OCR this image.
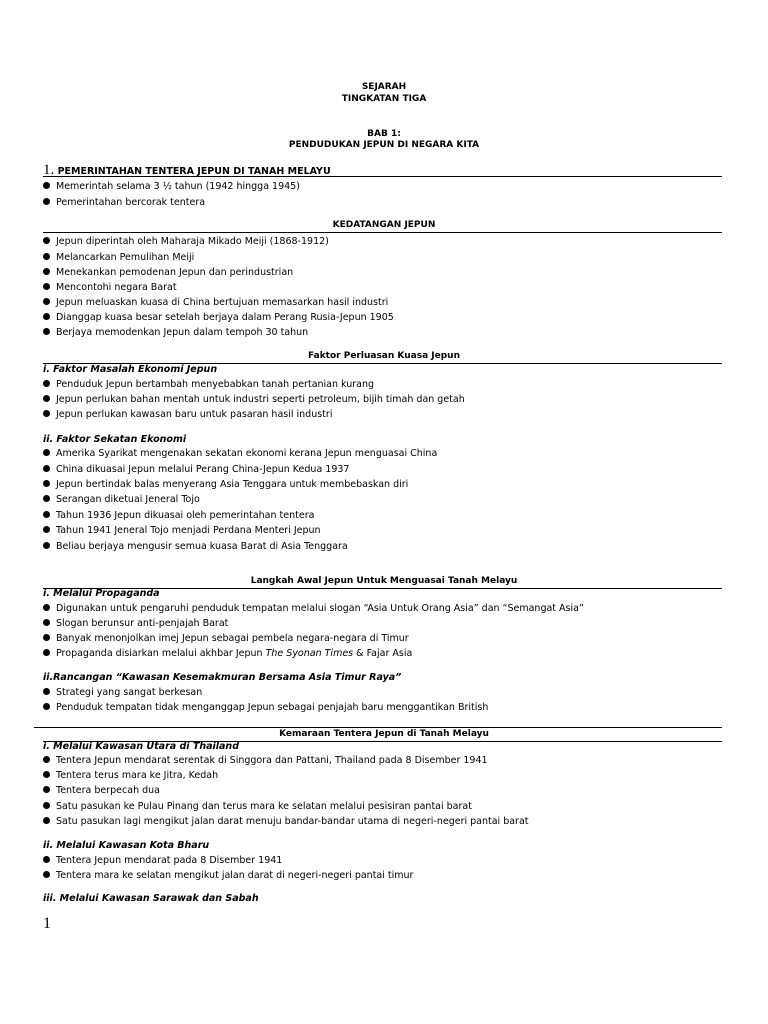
SEJARAH
TINGKATAN TIGA
BAB 1:
PENDUDUKAN JEPUN DI NEGARA KITA
1. PEMERINTAHAN TENTERA JEPUN DI TANAH MELAYU
Memerintah selama 3 ½ tahun (1942 hingga 1945)
Pemerintahan bercorak tentera
KEDATANGAN JEPUN
Jepun diperintah oleh Maharaja Mikado Meiji (1868-1912)
Melancarkan Pemulihan Meiji
Menekankan pemodenan Jepun dan perindustrian
Mencontohi negara Barat
Jepun meluaskan kuasa di China bertujuan memasarkan hasil industri
Dianggap kuasa besar setelah berjaya dalam Perang Rusia-Jepun 1905
Berjaya memodenkan Jepun dalam tempoh 30 tahun
Faktor Perluasan Kuasa Jepun
i. Faktor Masalah Ekonomi Jepun
Penduduk Jepun bertambah menyebabkan tanah pertanian kurang
Jepun perlukan bahan mentah untuk industri seperti petroleum, bijih timah dan getah
Jepun perlukan kawasan baru untuk pasaran hasil industri
ii. Faktor Sekatan Ekonomi
Amerika Syarikat mengenakan sekatan ekonomi kerana Jepun menguasai China
China dikuasai Jepun melalui Perang China-Jepun Kedua 1937
Jepun bertindak balas menyerang Asia Tenggara untuk membebaskan diri
Serangan diketuai Jeneral Tojo
Tahun 1936 Jepun dikuasai oleh pemerintahan tentera
Tahun 1941 Jeneral Tojo menjadi Perdana Menteri Jepun
Beliau berjaya mengusir semua kuasa Barat di Asia Tenggara
Langkah Awal Jepun Untuk Menguasai Tanah Melayu
i. Melalui Propaganda
Digunakan untuk pengaruhi penduduk tempatan melalui slogan “Asia Untuk Orang Asia” dan “Semangat Asia”
Slogan berunsur anti-penjajah Barat
Banyak menonjolkan imej Jepun sebagai pembela negara-negara di Timur
Propaganda disiarkan melalui akhbar Jepun The Syonan Times & Fajar Asia
ii.Rancangan “Kawasan Kesemakmuran Bersama Asia Timur Raya”
Strategi yang sangat berkesan
Penduduk tempatan tidak menganggap Jepun sebagai penjajah baru menggantikan British
Kemaraan Tentera Jepun di Tanah Melayu
i. Melalui Kawasan Utara di Thailand
Tentera Jepun mendarat serentak di Singgora dan Pattani, Thailand pada 8 Disember 1941
Tentera terus mara ke Jitra, Kedah
Tentera berpecah dua
Satu pasukan ke Pulau Pinang dan terus mara ke selatan melalui pesisiran pantai barat
Satu pasukan lagi mengikut jalan darat menuju bandar-bandar utama di negeri-negeri pantai barat
ii. Melalui Kawasan Kota Bharu
Tentera Jepun mendarat pada 8 Disember 1941
Tentera mara ke selatan mengikut jalan darat di negeri-negeri pantai timur
iii. Melalui Kawasan Sarawak dan Sabah
1
